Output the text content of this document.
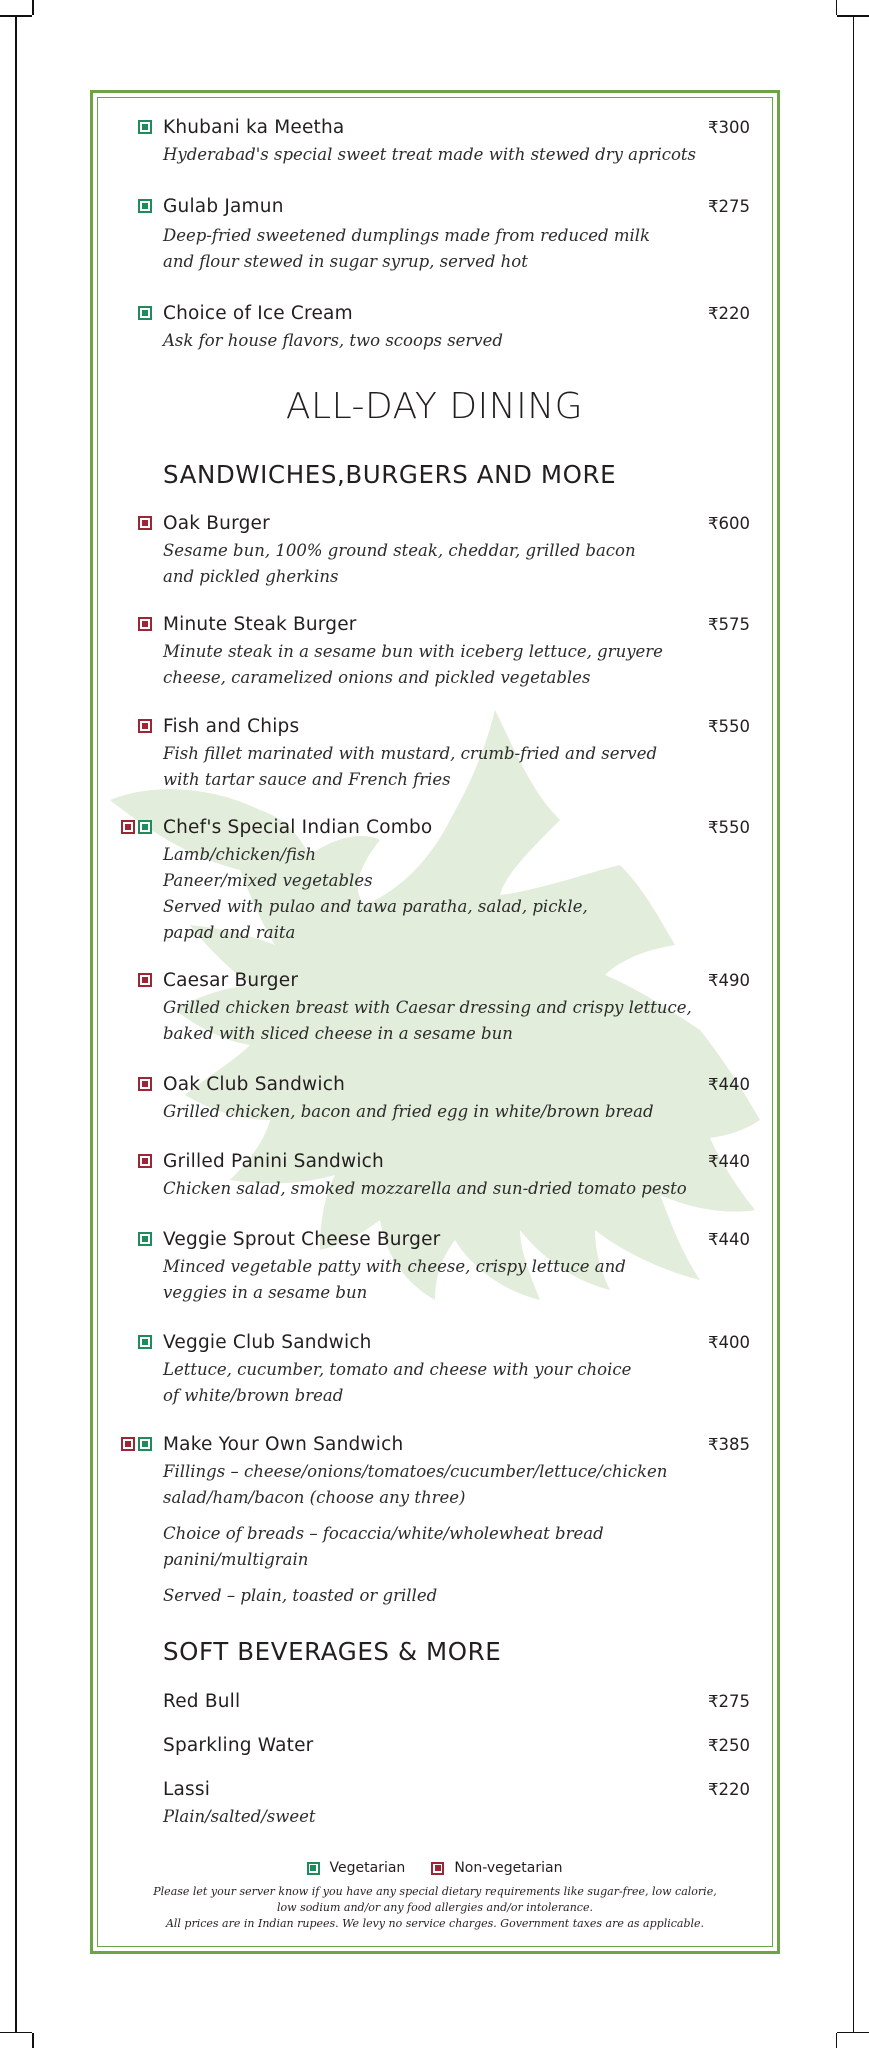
Khubani ka Meetha	₹300
Hyderabad's special sweet treat made with stewed dry apricots
Gulab Jamun	₹275
Deep-fried sweetened dumplings made from reduced milk
and flour stewed in sugar syrup, served hot
Choice of Ice Cream	₹220
Ask for house flavors, two scoops served
ALL-DAY DINING
SANDWICHES,BURGERS AND MORE
Oak Burger	₹600
Sesame bun, 100% ground steak, cheddar, grilled bacon
and pickled gherkins
Minute Steak Burger	₹575
Minute steak in a sesame bun with iceberg lettuce, gruyere
cheese, caramelized onions and pickled vegetables
Fish and Chips	₹550
Fish fillet marinated with mustard, crumb-fried and served
with tartar sauce and French fries
Chef's Special Indian Combo	₹550
Lamb/chicken/fish
Paneer/mixed vegetables
Served with pulao and tawa paratha, salad, pickle,
papad and raita
Caesar Burger	₹490
Grilled chicken breast with Caesar dressing and crispy lettuce,
baked with sliced cheese in a sesame bun
Oak Club Sandwich	₹440
Grilled chicken, bacon and fried egg in white/brown bread
Grilled Panini Sandwich	₹440
Chicken salad, smoked mozzarella and sun-dried tomato pesto
Veggie Sprout Cheese Burger	₹440
Minced vegetable patty with cheese, crispy lettuce and
veggies in a sesame bun
Veggie Club Sandwich	₹400
Lettuce, cucumber, tomato and cheese with your choice
of white/brown bread
Make Your Own Sandwich	₹385
Fillings – cheese/onions/tomatoes/cucumber/lettuce/chicken
salad/ham/bacon (choose any three)
Choice of breads – focaccia/white/wholewheat bread
panini/multigrain
Served – plain, toasted or grilled
SOFT BEVERAGES & MORE
Red Bull	₹275
Sparkling Water	₹250
Lassi	₹220
Plain/salted/sweet
Vegetarian	Non-vegetarian
Please let your server know if you have any special dietary requirements like sugar-free, low calorie,
low sodium and/or any food allergies and/or intolerance.
All prices are in Indian rupees. We levy no service charges. Government taxes are as applicable.
